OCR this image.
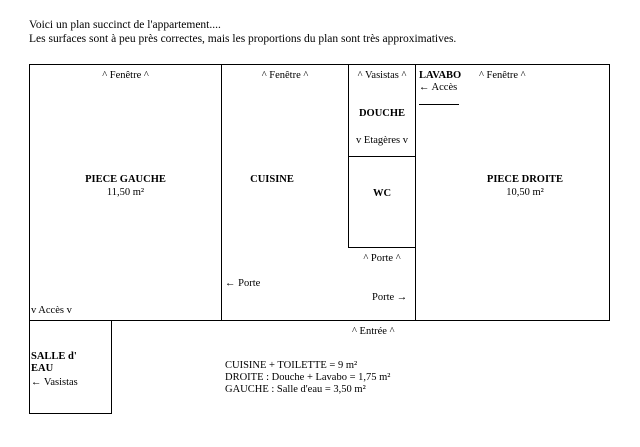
Voici un plan succinct de l'appartement....
Les surfaces sont à peu près correctes, mais les proportions du plan sont très approximatives.
^ Fenêtre ^
PIECE GAUCHE
11,50 m²
v Accès v
^ Fenêtre ^
CUISINE
← Porte
^ Vasistas ^
DOUCHE
v Etagères v
WC
^ Porte ^
Porte →
LAVABO
← Accès
^ Fenêtre ^
PIECE DROITE
10,50 m²
^ Entrée ^
SALLE d'
EAU
← Vasistas
CUISINE + TOILETTE = 9 m²
DROITE : Douche + Lavabo = 1,75 m²
GAUCHE : Salle d'eau = 3,50 m²
